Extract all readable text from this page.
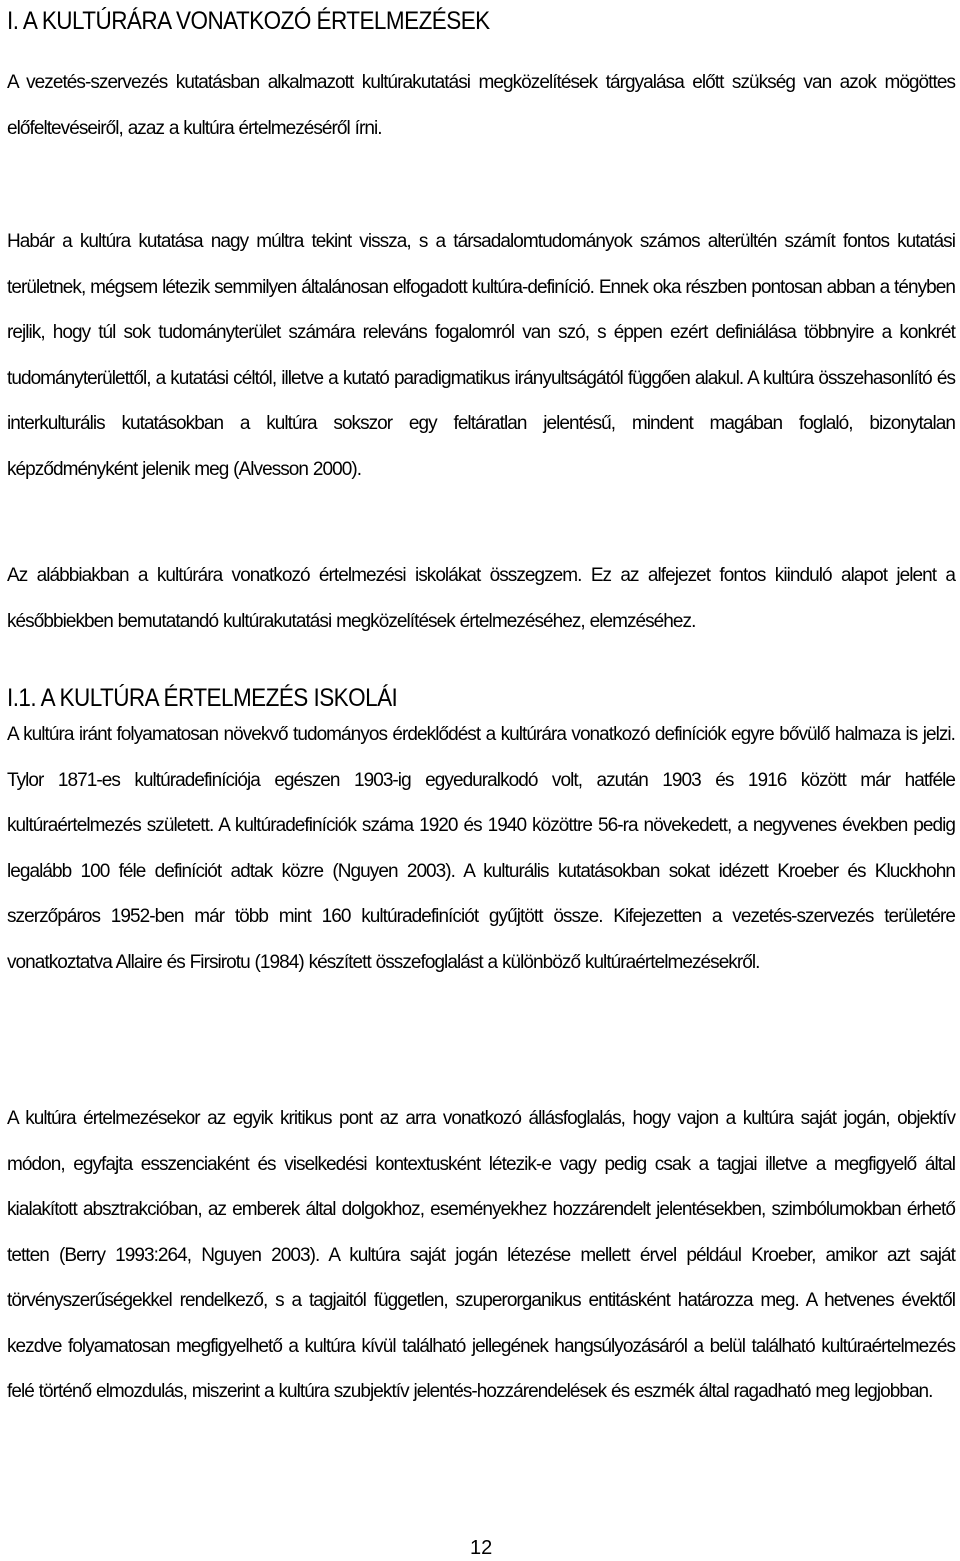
I. A KULTÚRÁRA VONATKOZÓ ÉRTELMEZÉSEK

A vezetés-szervezés kutatásban alkalmazott kultúrakutatási megközelítések tárgyalása előtt szükség van azok mögöttes előfeltevéseiről, azaz a kultúra értelmezéséről írni.

Habár a kultúra kutatása nagy múltra tekint vissza, s a társadalomtudományok számos alterültén számít fontos kutatási területnek, mégsem létezik semmilyen általánosan elfogadott kultúra-definíció. Ennek oka részben pontosan abban a tényben rejlik, hogy túl sok tudományterület számára releváns fogalomról van szó, s éppen ezért definiálása többnyire a konkrét tudományterülettől, a kutatási céltól, illetve a kutató paradigmatikus irányultságától függően alakul. A kultúra összehasonlító és interkulturális kutatásokban a kultúra sokszor egy feltáratlan jelentésű, mindent magában foglaló, bizonytalan képződményként jelenik meg (Alvesson 2000).

Az alábbiakban a kultúrára vonatkozó értelmezési iskolákat összegzem. Ez az alfejezet fontos kiinduló alapot jelent a későbbiekben bemutatandó kultúrakutatási megközelítések értelmezéséhez, elemzéséhez.

I.1. A KULTÚRA ÉRTELMEZÉS ISKOLÁI

A kultúra iránt folyamatosan növekvő tudományos érdeklődést a kultúrára vonatkozó definíciók egyre bővülő halmaza is jelzi. Tylor 1871-es kultúradefiníciója egészen 1903-ig egyeduralkodó volt, azután 1903 és 1916 között már hatféle kultúraértelmezés született. A kultúradefiníciók száma 1920 és 1940 közöttre 56-ra növekedett, a negyvenes években pedig legalább 100 féle definíciót adtak közre (Nguyen 2003). A kulturális kutatásokban sokat idézett Kroeber és Kluckhohn szerzőpáros 1952-ben már több mint 160 kultúradefiníciót gyűjtött össze. Kifejezetten a vezetés-szervezés területére vonatkoztatva Allaire és Firsirotu (1984) készített összefoglalást a különböző kultúraértelmezésekről.

A kultúra értelmezésekor az egyik kritikus pont az arra vonatkozó állásfoglalás, hogy vajon a kultúra saját jogán, objektív módon, egyfajta esszenciaként és viselkedési kontextusként létezik-e vagy pedig csak a tagjai illetve a megfigyelő által kialakított absztrakcióban, az emberek által dolgokhoz, eseményekhez hozzárendelt jelentésekben, szimbólumokban érhető tetten (Berry 1993:264, Nguyen 2003). A kultúra saját jogán létezése mellett érvel például Kroeber, amikor azt saját törvényszerűségekkel rendelkező, s a tagjaitól független, szuperorganikus entitásként határozza meg. A hetvenes évektől kezdve folyamatosan megfigyelhető a kultúra kívül található jellegének hangsúlyozásáról a belül található kultúraértelmezés felé történő elmozdulás, miszerint a kultúra szubjektív jelentés-hozzárendelések és eszmék által ragadható meg legjobban.

12
